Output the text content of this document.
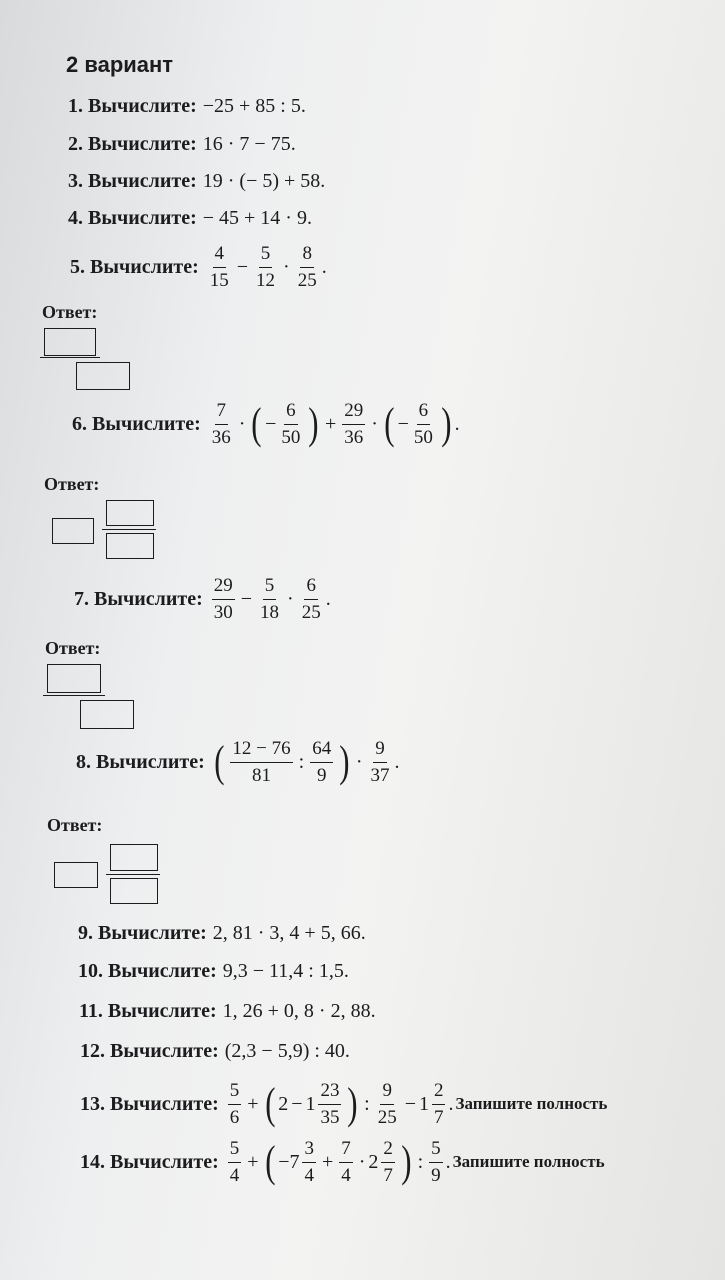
2 вариант
1. Вычислите: −25 + 85 : 5.
2. Вычислите: 16 · 7 − 75.
3. Вычислите: 19 · (− 5) + 58.
4. Вычислите: − 45 + 14 · 9.
5. Вычислите: $\frac{4}{15} - \frac{5}{12} \cdot \frac{8}{25}$ .
Ответ:
6. Вычислите: $\frac{7}{36}$ · ( − $\frac{6}{50}$ ) + $\frac{29}{36}$ · ( − $\frac{6}{50}$ ) .
Ответ:
7. Вычислите: $\frac{29}{30} - \frac{5}{18} \cdot \frac{6}{25}$ .
Ответ:
8. Вычислите: ( $\frac{12 - 76}{81}$ : $\frac{64}{9}$ ) · $\frac{9}{37}$ .
Ответ:
9. Вычислите: 2, 81 · 3, 4 + 5, 66.
10. Вычислите: 9,3 − 11,4 : 1,5.
11. Вычислите: 1, 26 + 0, 8 · 2, 88.
12. Вычислите: (2,3 − 5,9) : 40.
13. Вычислите: $\frac{5}{6}$ + ( $2 - 1 \frac{23}{35}$ ) : $\frac{9}{25} - 1 \frac{2}{7}$ . Запишите полность
14. Вычислите: $\frac{5}{4}$ + ( − $7 \frac{3}{4} + \frac{7}{4} \cdot 2 \frac{2}{7}$ ) : $\frac{5}{9}$ . Запишите полность
